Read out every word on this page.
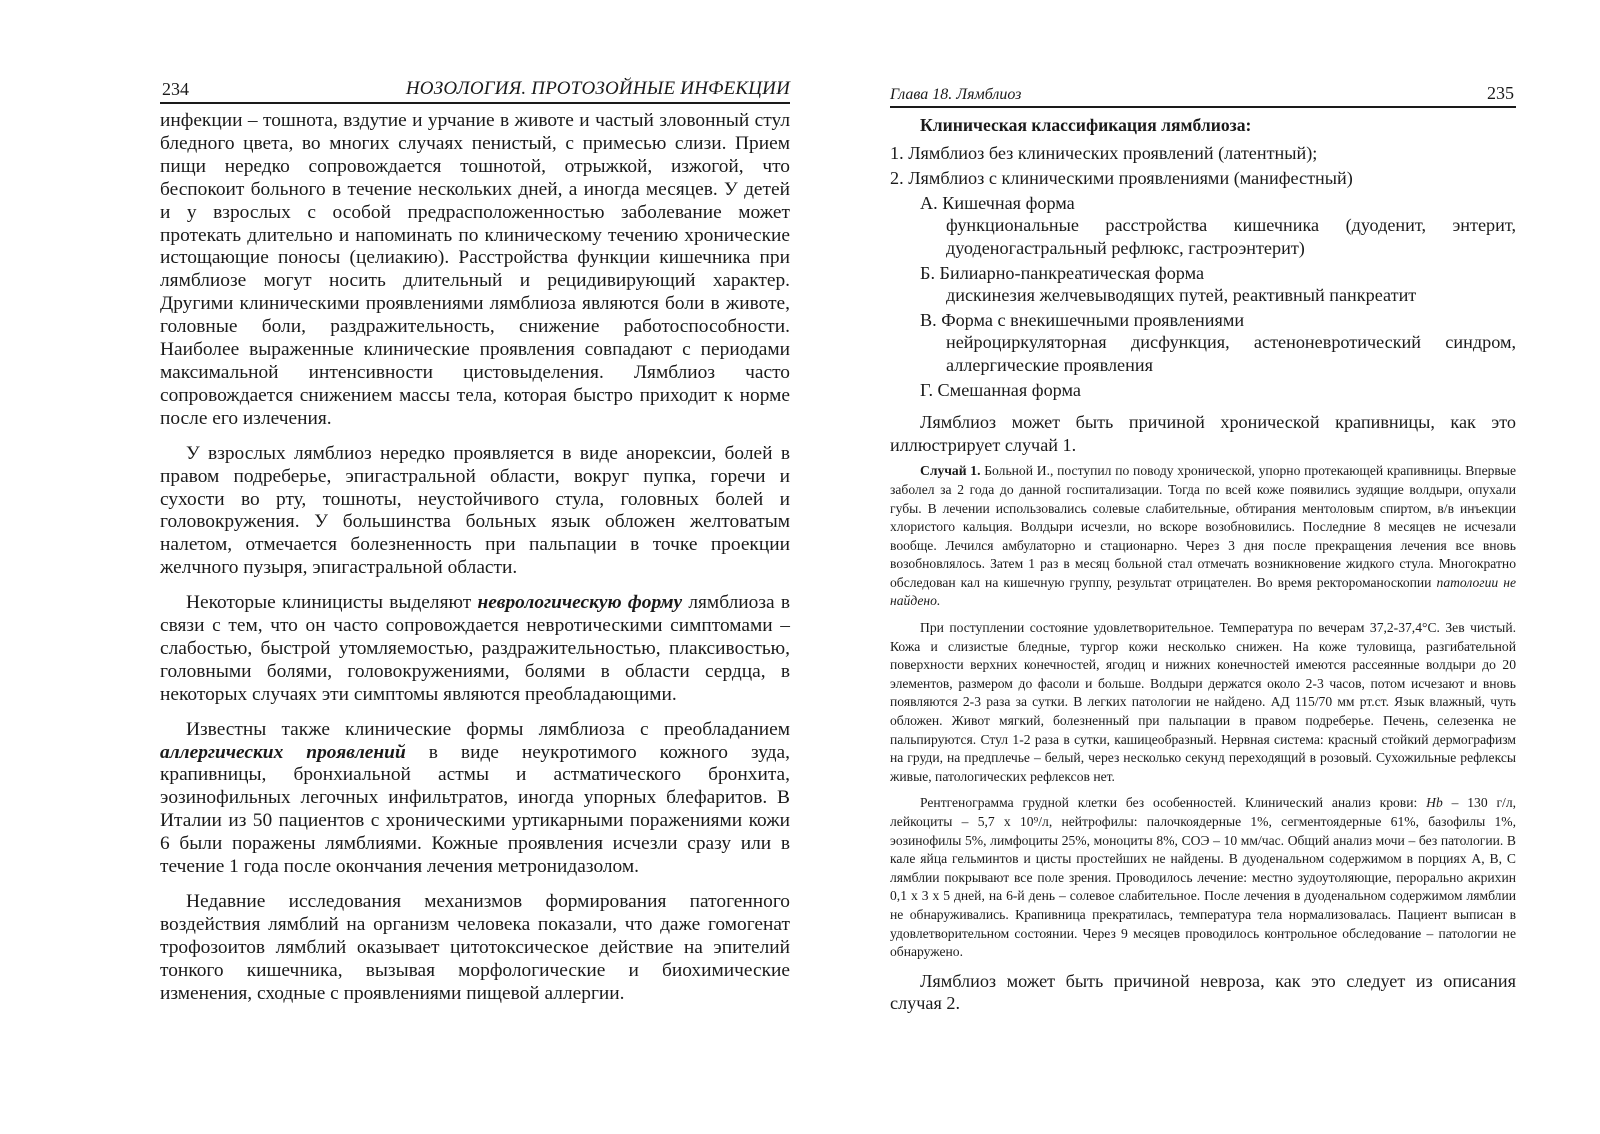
234	НОЗОЛОГИЯ. ПРОТОЗОЙНЫЕ ИНФЕКЦИИ

инфекции – тошнота, вздутие и урчание в животе и частый зловонный стул бледного цвета, во многих случаях пенистый, с примесью слизи. Прием пищи нередко сопровождается тошнотой, отрыжкой, изжогой, что беспокоит больного в течение нескольких дней, а иногда месяцев. У детей и у взрослых с особой предрасположенностью заболевание может протекать длительно и напоминать по клиническому течению хронические истощающие поносы (целиакию). Расстройства функции кишечника при лямблиозе могут носить длительный и рецидивирующий характер. Другими клиническими проявлениями лямблиоза являются боли в животе, головные боли, раздражительность, снижение работоспособности. Наиболее выраженные клинические проявления совпадают с периодами максимальной интенсивности цистовыделения. Лямблиоз часто сопровождается снижением массы тела, которая быстро приходит к норме после его излечения.

У взрослых лямблиоз нередко проявляется в виде анорексии, болей в правом подреберье, эпигастральной области, вокруг пупка, горечи и сухости во рту, тошноты, неустойчивого стула, головных болей и головокружения. У большинства больных язык обложен желтоватым налетом, отмечается болезненность при пальпации в точке проекции желчного пузыря, эпигастральной области.

Некоторые клиницисты выделяют неврологическую форму лямблиоза в связи с тем, что он часто сопровождается невротическими симптомами – слабостью, быстрой утомляемостью, раздражительностью, плаксивостью, головными болями, головокружениями, болями в области сердца, в некоторых случаях эти симптомы являются преобладающими.

Известны также клинические формы лямблиоза с преобладанием аллергических проявлений в виде неукротимого кожного зуда, крапивницы, бронхиальной астмы и астматического бронхита, эозинофильных легочных инфильтратов, иногда упорных блефаритов. В Италии из 50 пациентов с хроническими уртикарными поражениями кожи 6 были поражены лямблиями. Кожные проявления исчезли сразу или в течение 1 года после окончания лечения метронидазолом.

Недавние исследования механизмов формирования патогенного воздействия лямблий на организм человека показали, что даже гомогенат трофозоитов лямблий оказывает цитотоксическое действие на эпителий тонкого кишечника, вызывая морфологические и биохимические изменения, сходные с проявлениями пищевой аллергии.

Глава 18. Лямблиоз	235
Клиническая классификация лямблиоза:
1. Лямблиоз без клинических проявлений (латентный);
2. Лямблиоз с клиническими проявлениями (манифестный)
А. Кишечная форма
функциональные расстройства кишечника (дуоденит, энтерит, дуоденогастральный рефлюкс, гастроэнтерит)
Б. Билиарно-панкреатическая форма
дискинезия желчевыводящих путей, реактивный панкреатит
В. Форма с внекишечными проявлениями
нейроциркуляторная дисфункция, астеноневротический синдром, аллергические проявления
Г. Смешанная форма

Лямблиоз может быть причиной хронической крапивницы, как это иллюстрирует случай 1.

Случай 1. Больной И., поступил по поводу хронической, упорно протекающей крапивницы. Впервые заболел за 2 года до данной госпитализации. Тогда по всей коже появились зудящие волдыри, опухали губы. В лечении использовались солевые слабительные, обтирания ментоловым спиртом, в/в инъекции хлористого кальция. Волдыри исчезли, но вскоре возобновились. Последние 8 месяцев не исчезали вообще. Лечился амбулаторно и стационарно. Через 3 дня после прекращения лечения все вновь возобновлялось. Затем 1 раз в месяц больной стал отмечать возникновение жидкого стула. Многократно обследован кал на кишечную группу, результат отрицателен. Во время ректороманоскопии патологии не найдено.

При поступлении состояние удовлетворительное. Температура по вечерам 37,2-37,4°С. Зев чистый. Кожа и слизистые бледные, тургор кожи несколько снижен. На коже туловища, разгибательной поверхности верхних конечностей, ягодиц и нижних конечностей имеются рассеянные волдыри до 20 элементов, размером до фасоли и больше. Волдыри держатся около 2-3 часов, потом исчезают и вновь появляются 2-3 раза за сутки. В легких патологии не найдено. АД 115/70 мм рт.ст. Язык влажный, чуть обложен. Живот мягкий, болезненный при пальпации в правом подреберье. Печень, селезенка не пальпируются. Стул 1-2 раза в сутки, кашицеобразный. Нервная система: красный стойкий дермографизм на груди, на предплечье – белый, через несколько секунд переходящий в розовый. Сухожильные рефлексы живые, патологических рефлексов нет.

Рентгенограмма грудной клетки без особенностей. Клинический анализ крови: Hb – 130 г/л, лейкоциты – 5,7 х 10⁹/л, нейтрофилы: палочкоядерные 1%, сегментоядерные 61%, базофилы 1%, эозинофилы 5%, лимфоциты 25%, моноциты 8%, СОЭ – 10 мм/час. Общий анализ мочи – без патологии. В кале яйца гельминтов и цисты простейших не найдены. В дуоденальном содержимом в порциях А, В, С лямблии покрывают все поле зрения. Проводилось лечение: местно зудоутоляющие, перорально акрихин 0,1 х 3 х 5 дней, на 6-й день – солевое слабительное. После лечения в дуоденальном содержимом лямблии не обнаруживались. Крапивница прекратилась, температура тела нормализовалась. Пациент выписан в удовлетворительном состоянии. Через 9 месяцев проводилось контрольное обследование – патологии не обнаружено.

Лямблиоз может быть причиной невроза, как это следует из описания случая 2.
